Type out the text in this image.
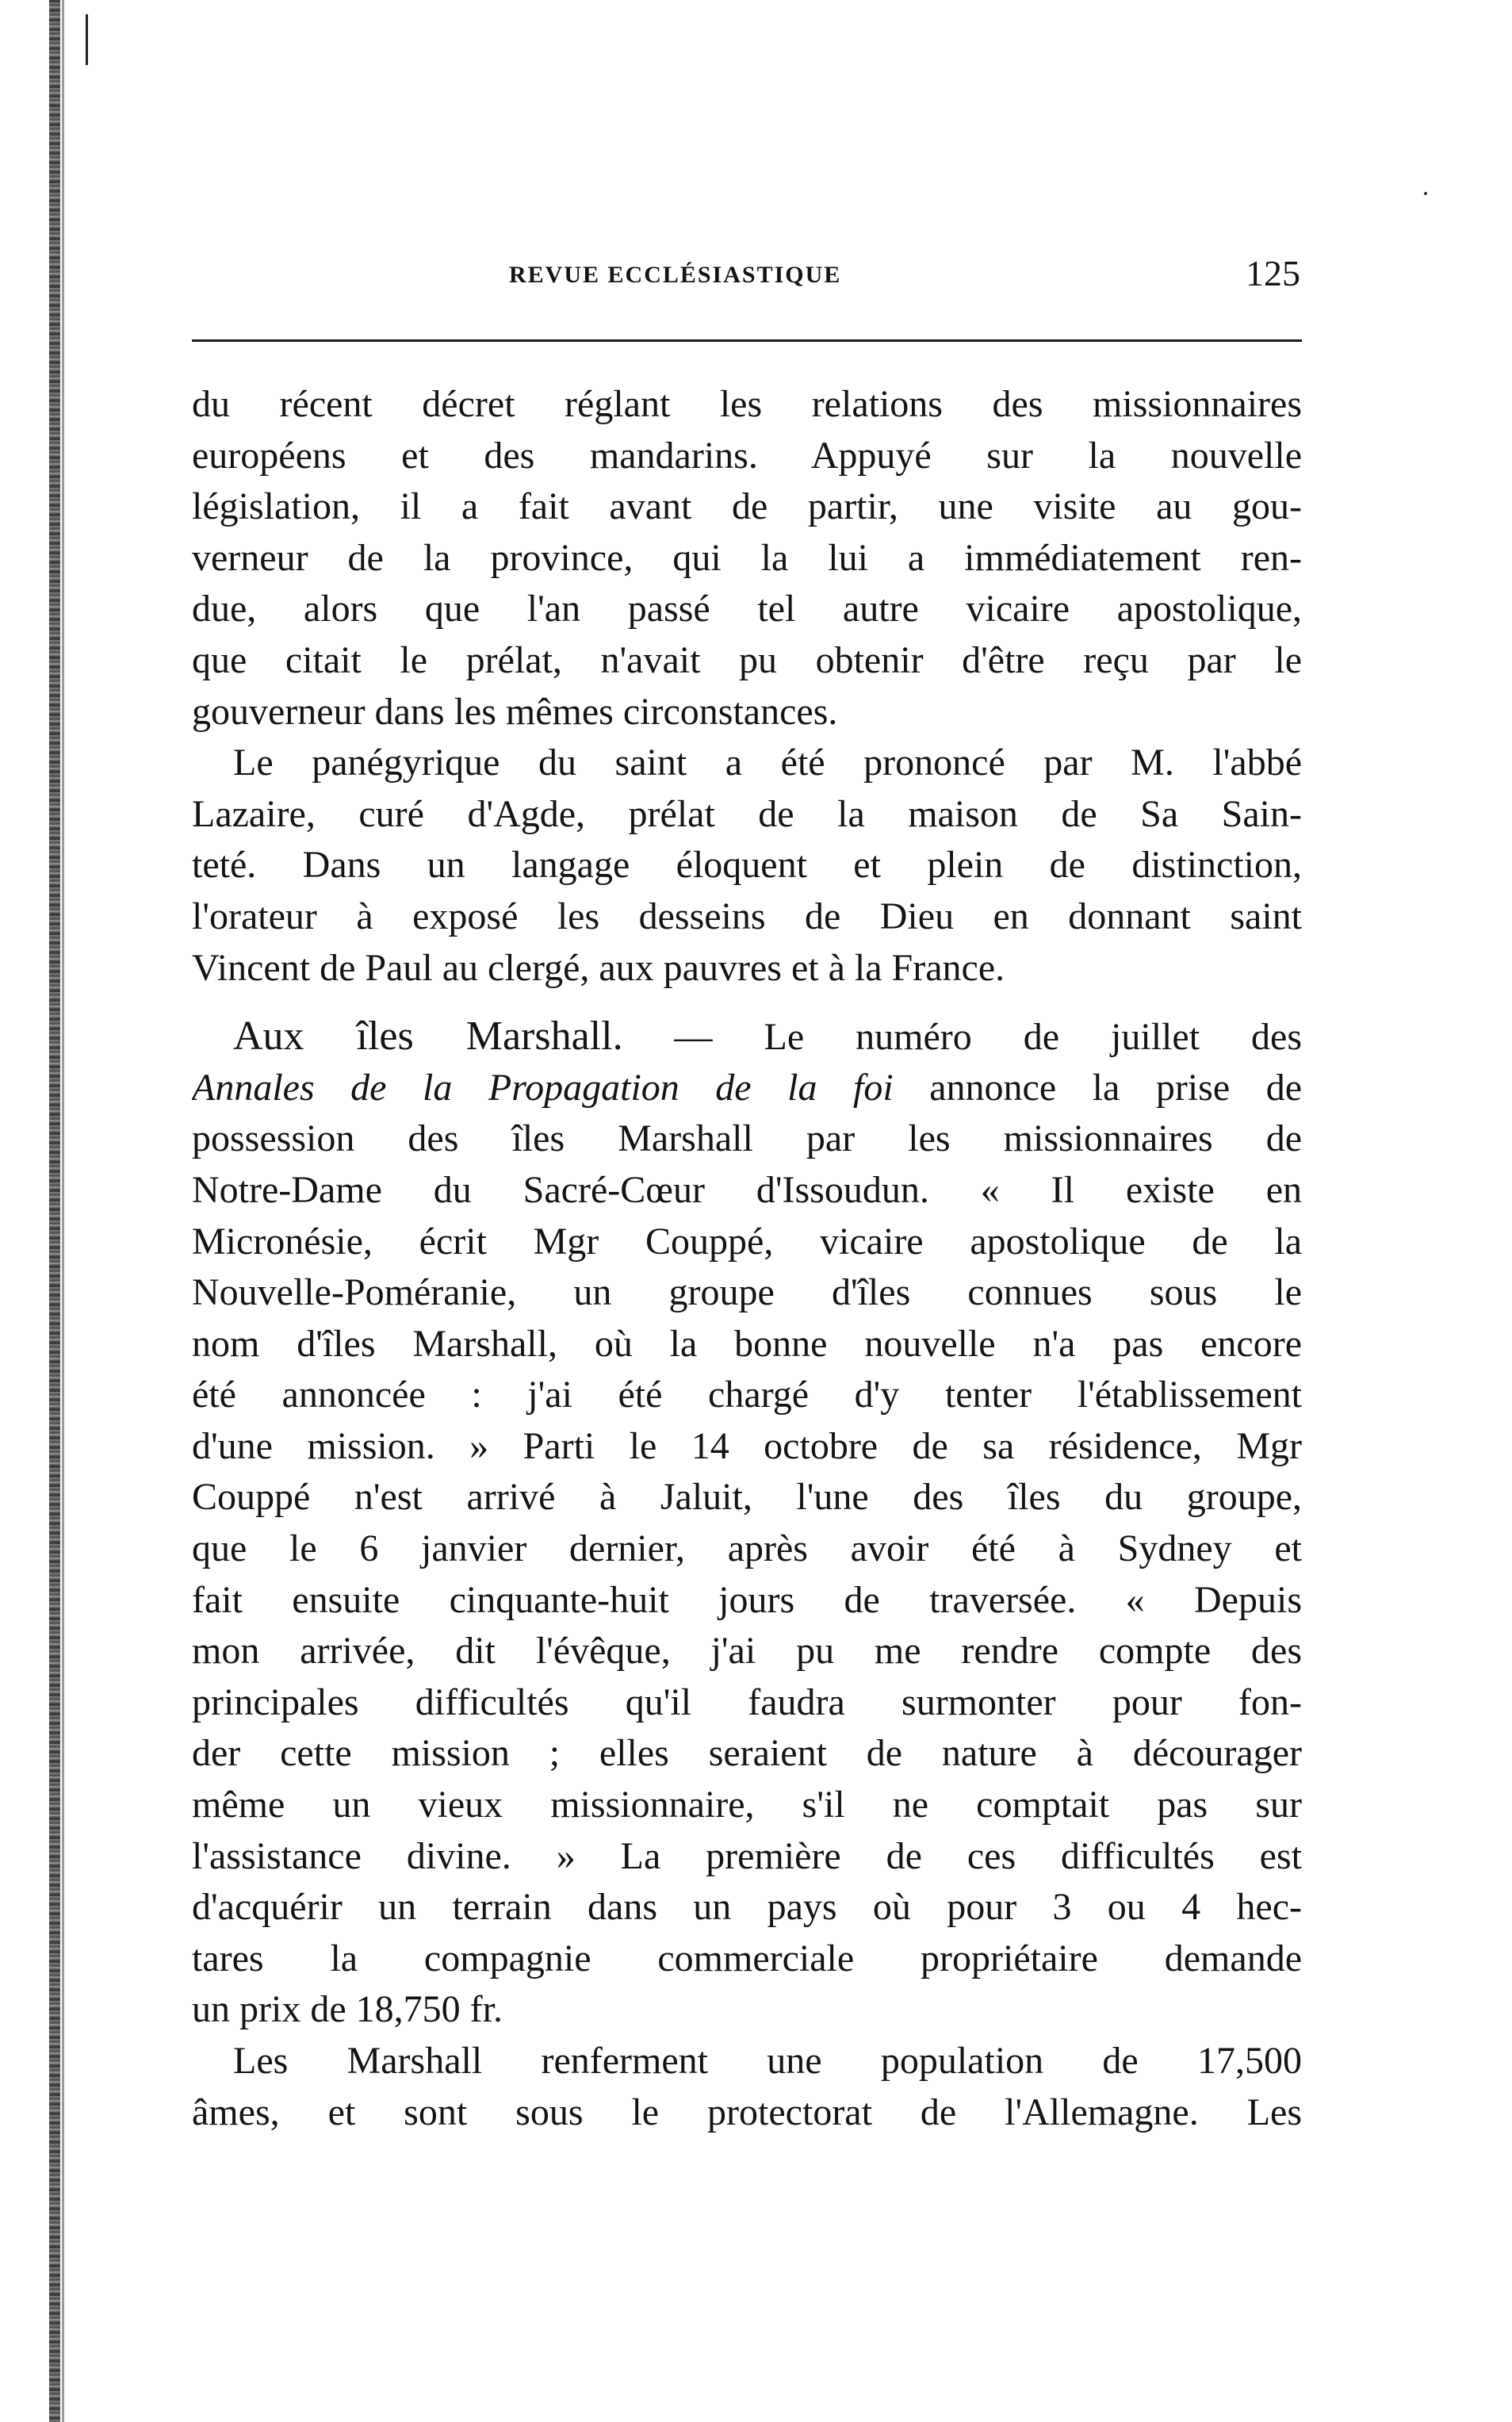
REVUE ECCLÉSIASTIQUE	125
du récent décret réglant les relations des missionnaires
européens et des mandarins. Appuyé sur la nouvelle
législation, il a fait avant de partir, une visite au gou-
verneur de la province, qui la lui a immédiatement ren-
due, alors que l'an passé tel autre vicaire apostolique,
que citait le prélat, n'avait pu obtenir d'être reçu par le
gouverneur dans les mêmes circonstances.
Le panégyrique du saint a été prononcé par M. l'abbé
Lazaire, curé d'Agde, prélat de la maison de Sa Sain-
teté. Dans un langage éloquent et plein de distinction,
l'orateur à exposé les desseins de Dieu en donnant saint
Vincent de Paul au clergé, aux pauvres et à la France.
Aux îles Marshall. — Le numéro de juillet des
Annales de la Propagation de la foi annonce la prise de
possession des îles Marshall par les missionnaires de
Notre-Dame du Sacré-Cœur d'Issoudun. « Il existe en
Micronésie, écrit Mgr Couppé, vicaire apostolique de la
Nouvelle-Poméranie, un groupe d'îles connues sous le
nom d'îles Marshall, où la bonne nouvelle n'a pas encore
été annoncée : j'ai été chargé d'y tenter l'établissement
d'une mission. » Parti le 14 octobre de sa résidence, Mgr
Couppé n'est arrivé à Jaluit, l'une des îles du groupe,
que le 6 janvier dernier, après avoir été à Sydney et
fait ensuite cinquante-huit jours de traversée. « Depuis
mon arrivée, dit l'évêque, j'ai pu me rendre compte des
principales difficultés qu'il faudra surmonter pour fon-
der cette mission ; elles seraient de nature à décourager
même un vieux missionnaire, s'il ne comptait pas sur
l'assistance divine. » La première de ces difficultés est
d'acquérir un terrain dans un pays où pour 3 ou 4 hec-
tares la compagnie commerciale propriétaire demande
un prix de 18,750 fr.
Les Marshall renferment une population de 17,500
âmes, et sont sous le protectorat de l'Allemagne. Les
